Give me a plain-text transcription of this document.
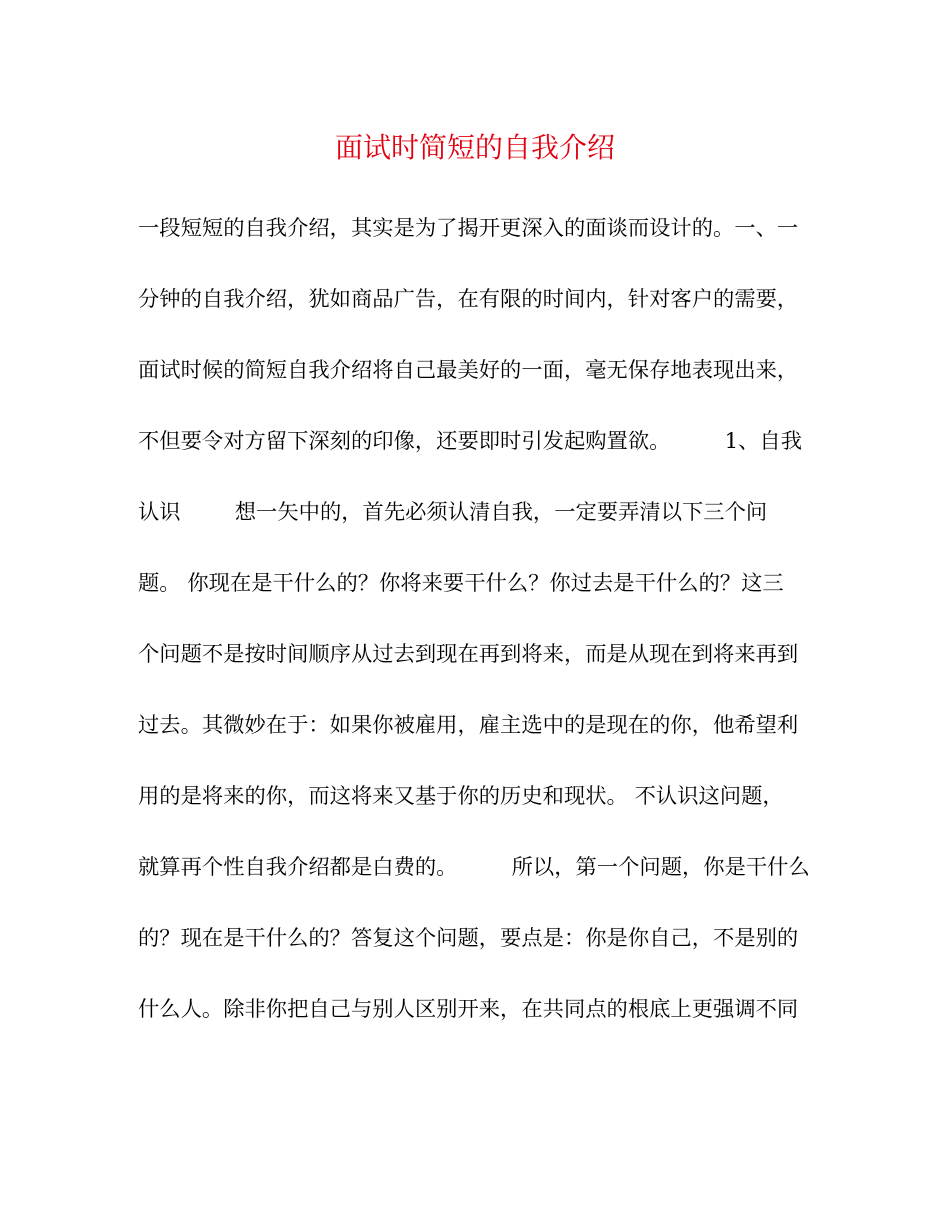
面试时简短的自我介绍
一段短短的自我介绍，其实是为了揭开更深入的面谈而设计的。一、一
分钟的自我介绍，犹如商品广告，在有限的时间内，针对客户的需要，
面试时候的简短自我介绍将自己最美好的一面，毫无保存地表现出来，
不但要令对方留下深刻的印像，还要即时引发起购置欲。        1、自我
认识        想一矢中的，首先必须认清自我，一定要弄清以下三个问
题。 你现在是干什么的？你将来要干什么？你过去是干什么的？这三
个问题不是按时间顺序从过去到现在再到将来，而是从现在到将来再到
过去。其微妙在于：如果你被雇用，雇主选中的是现在的你，他希望利
用的是将来的你，而这将来又基于你的历史和现状。 不认识这问题，
就算再个性自我介绍都是白费的。        所以，第一个问题，你是干什么
的？现在是干什么的？答复这个问题，要点是：你是你自己，不是别的
什么人。除非你把自己与别人区别开来，在共同点的根底上更强调不同
